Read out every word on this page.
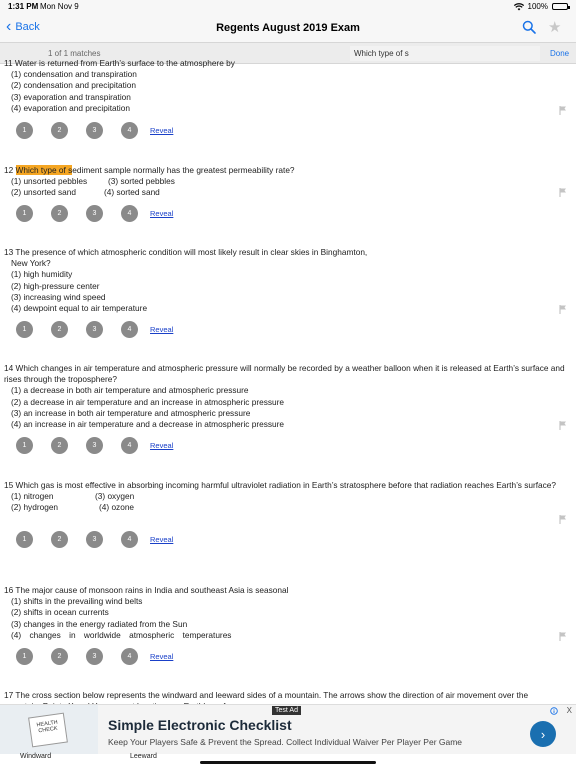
1:31 PM Mon Nov 9	100%
‹ Back	Regents August 2019 Exam	★
1 of 1 matches
Which type of s	Done
11 Water is returned from Earth’s surface to the atmosphere by
(1) condensation and transpiration
(2) condensation and precipitation
(3) evaporation and transpiration
(4) evaporation and precipitation
1	2	3	4	Reveal
12 Which type of sediment sample normally has the greatest permeability rate?
(1) unsorted pebbles	(3) sorted pebbles
(2) unsorted sand	(4) sorted sand
1	2	3	4	Reveal
13 The presence of which atmospheric condition will most likely result in clear skies in Binghamton,
New York?
(1) high humidity
(2) high-pressure center
(3) increasing wind speed
(4) dewpoint equal to air temperature
1	2	3	4	Reveal
14 Which changes in air temperature and atmospheric pressure will normally be recorded by a weather balloon when it is released at Earth’s surface and rises through the troposphere?
(1) a decrease in both air temperature and atmospheric pressure
(2) a decrease in air temperature and an increase in atmospheric pressure
(3) an increase in both air temperature and atmospheric pressure
(4) an increase in air temperature and a decrease in atmospheric pressure
1	2	3	4	Reveal
15 Which gas is most effective in absorbing incoming harmful ultraviolet radiation in Earth’s stratosphere before that radiation reaches Earth’s surface?
(1) nitrogen	(3) oxygen
(2) hydrogen	(4) ozone
1	2	3	4	Reveal
16 The major cause of monsoon rains in India and southeast Asia is seasonal
(1) shifts in the prevailing wind belts
(2) shifts in ocean currents
(3) changes in the energy radiated from the Sun
(4) changes in worldwide atmospheric temperatures
1	2	3	4	Reveal
17 The cross section below represents the windward and leeward sides of a mountain. The arrows show the direction of air movement over the
HEALTH CHECK
Test Ad	X
Simple Electronic Checklist
Keep Your Players Safe & Prevent the Spread. Collect Individual Waiver Per Player Per Game
›
Windward	Leeward
